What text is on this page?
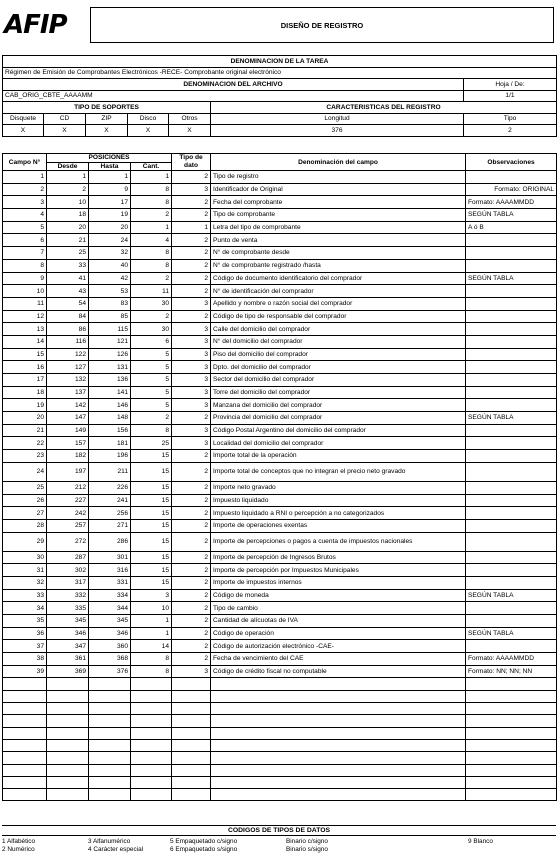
AFIP	DISEÑO DE REGISTRO
DENOMINACION DE LA TAREA						
Régimen de Emisión de Comprobantes Electrónicos -RECE- Comprobante original electrónico						
DENOMINACION DEL ARCHIVO						Hoja / De:
CAB_ORIG_CBTE_AAAAMM						1/1
TIPO DE SOPORTES					CARACTERISTICAS DEL REGISTRO	
Disquete	CD	ZIP	Disco	Otros	Longitud	Tipo
X	X	X	X	X	376	2
Campo N°	POSICIONES			Tipo de dato	Denominación del campo	Observaciones
	Desde	Hasta	Cant.			
1	1	1	1	2	Tipo de registro	
2	2	9	8	3	Identificador de Original	Formato: ORIGINAL
3	10	17	8	2	Fecha del comprobante	Formato: AAAAMMDD
4	18	19	2	2	Tipo de comprobante	SEGÚN TABLA
5	20	20	1	1	Letra del tipo de comprobante	A ó B
6	21	24	4	2	Punto de venta	
7	25	32	8	2	N° de comprobante desde	
8	33	40	8	2	N° de comprobante registrado /hasta	
9	41	42	2	2	Código de documento identificatorio del comprador	SEGÚN TABLA
10	43	53	11	2	N° de identificación del comprador	
11	54	83	30	3	Apellido y nombre o razón social del comprador	
12	84	85	2	2	Código de tipo de responsable del comprador	
13	86	115	30	3	Calle del domicilio del comprador	
14	116	121	6	3	N° del domicilio del comprador	
15	122	126	5	3	Piso del domicilio del comprador	
16	127	131	5	3	Dpto. del domicilio del comprador	
17	132	136	5	3	Sector del domicilio del comprador	
18	137	141	5	3	Torre del domicilio del comprador	
19	142	146	5	3	Manzana del domicilio del comprador	
20	147	148	2	2	Provincia del domicilio del comprador	SEGÚN TABLA
21	149	156	8	3	Código Postal Argentino del domicilio del comprador	
22	157	181	25	3	Localidad del domicilio del comprador	
23	182	196	15	2	Importe total de la operación	
24	197	211	15	2	Importe total de conceptos que no integran el precio neto gravado	
25	212	226	15	2	Importe neto gravado	
26	227	241	15	2	Impuesto liquidado	
27	242	256	15	2	Impuesto liquidado a RNI o percepción a no categorizados	
28	257	271	15	2	Importe de operaciones exentas	
29	272	286	15	2	Importe de percepciones o pagos a cuenta de impuestos nacionales	
30	287	301	15	2	Importe de percepción de Ingresos Brutos	
31	302	316	15	2	Importe de percepción por Impuestos Municipales	
32	317	331	15	2	Importe de impuestos internos	
33	332	334	3	2	Código de moneda	SEGÚN TABLA
34	335	344	10	2	Tipo de cambio	
35	345	345	1	2	Cantidad de alícuotas de IVA	
36	346	346	1	2	Código de operación	SEGÚN TABLA
37	347	360	14	2	Código de autorización electrónico -CAE-	
38	361	368	8	2	Fecha de vencimiento del CAE	Formato: AAAAMMDD
39	369	376	8	3	Código de crédito fiscal no computable	Formato: NN; NN; NN

CODIGOS DE TIPOS DE DATOS
1 Alfabético	3 Alfanumérico	5 Empaquetado c/signo	Binario c/signo	9 Blanco
2 Numérico	4 Carácter especial	6 Empaquetado s/signo	Binario s/signo
